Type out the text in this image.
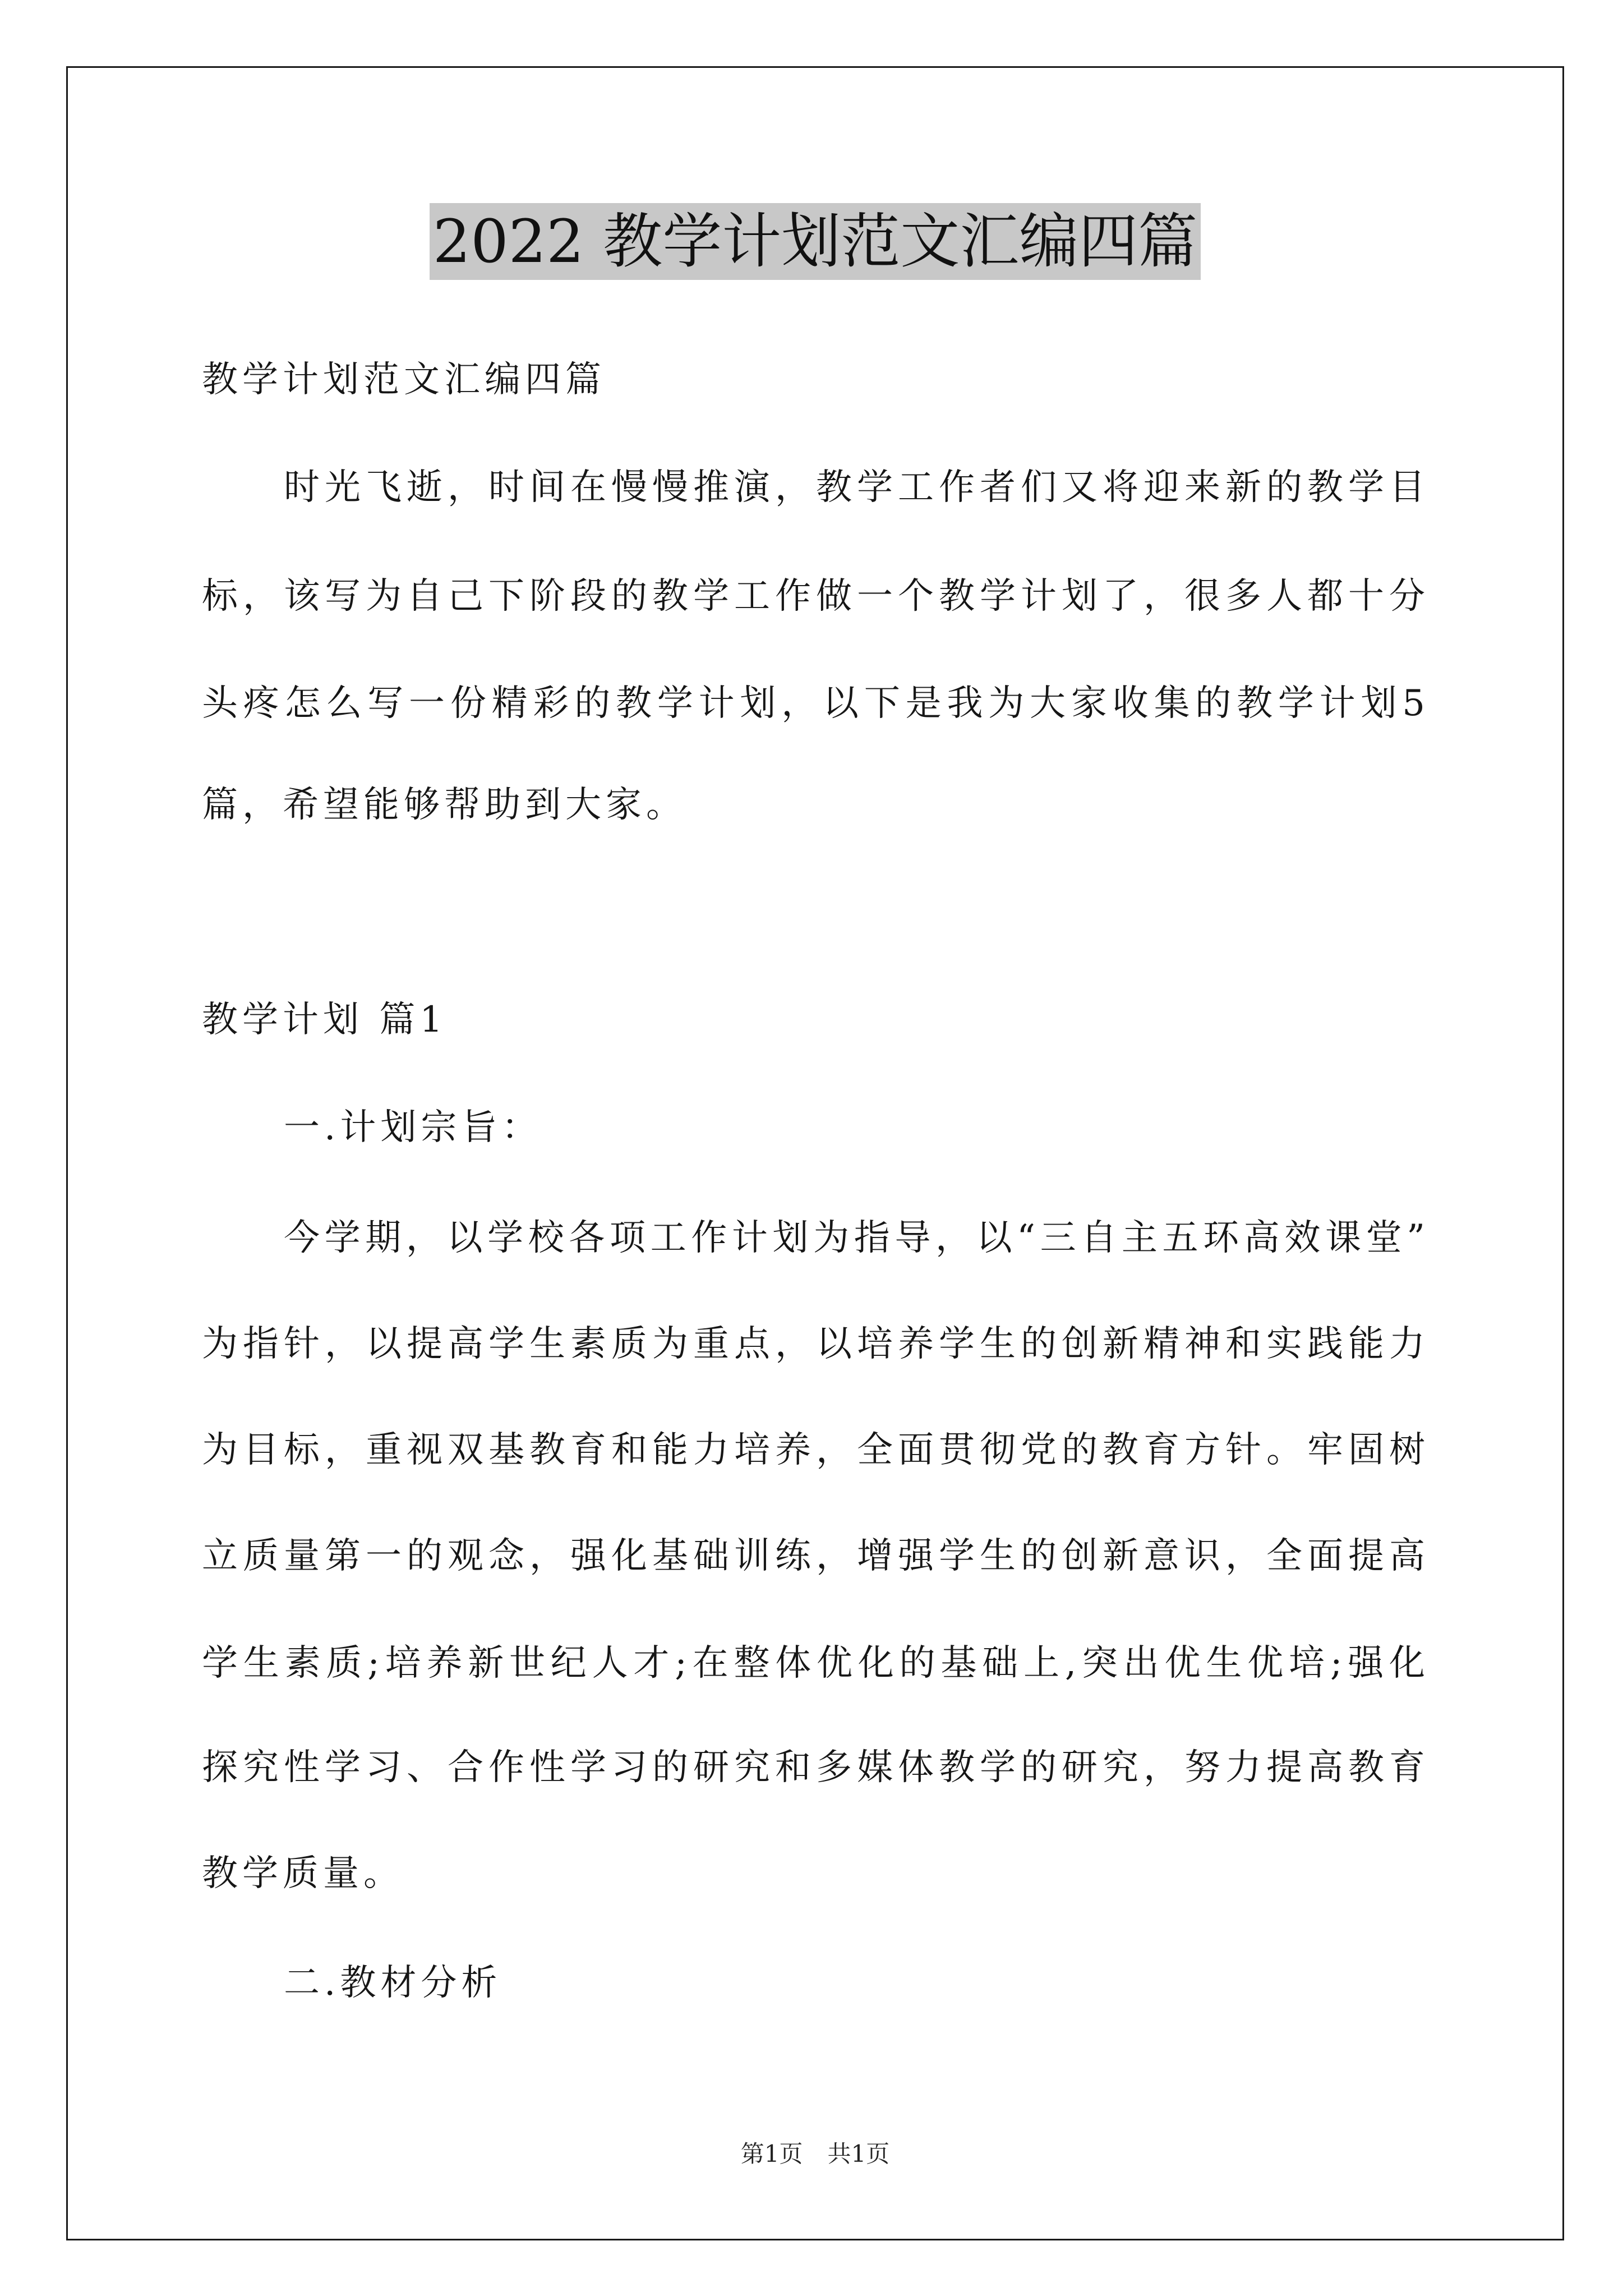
2022 教学计划范文汇编四篇
教学计划范文汇编四篇
时光飞逝，时间在慢慢推演，教学工作者们又将迎来新的教学目
标，该写为自己下阶段的教学工作做一个教学计划了，很多人都十分
头疼怎么写一份精彩的教学计划，以下是我为大家收集的教学计划5
篇，希望能够帮助到大家。
教学计划 篇1
一.计划宗旨：
今学期，以学校各项工作计划为指导，以“三自主五环高效课堂”
为指针，以提高学生素质为重点，以培养学生的创新精神和实践能力
为目标，重视双基教育和能力培养，全面贯彻党的教育方针。牢固树
立质量第一的观念，强化基础训练，增强学生的创新意识，全面提高
学生素质;培养新世纪人才;在整体优化的基础上,突出优生优培;强化
探究性学习、合作性学习的研究和多媒体教学的研究，努力提高教育
教学质量。
二.教材分析
第1页 共1页
